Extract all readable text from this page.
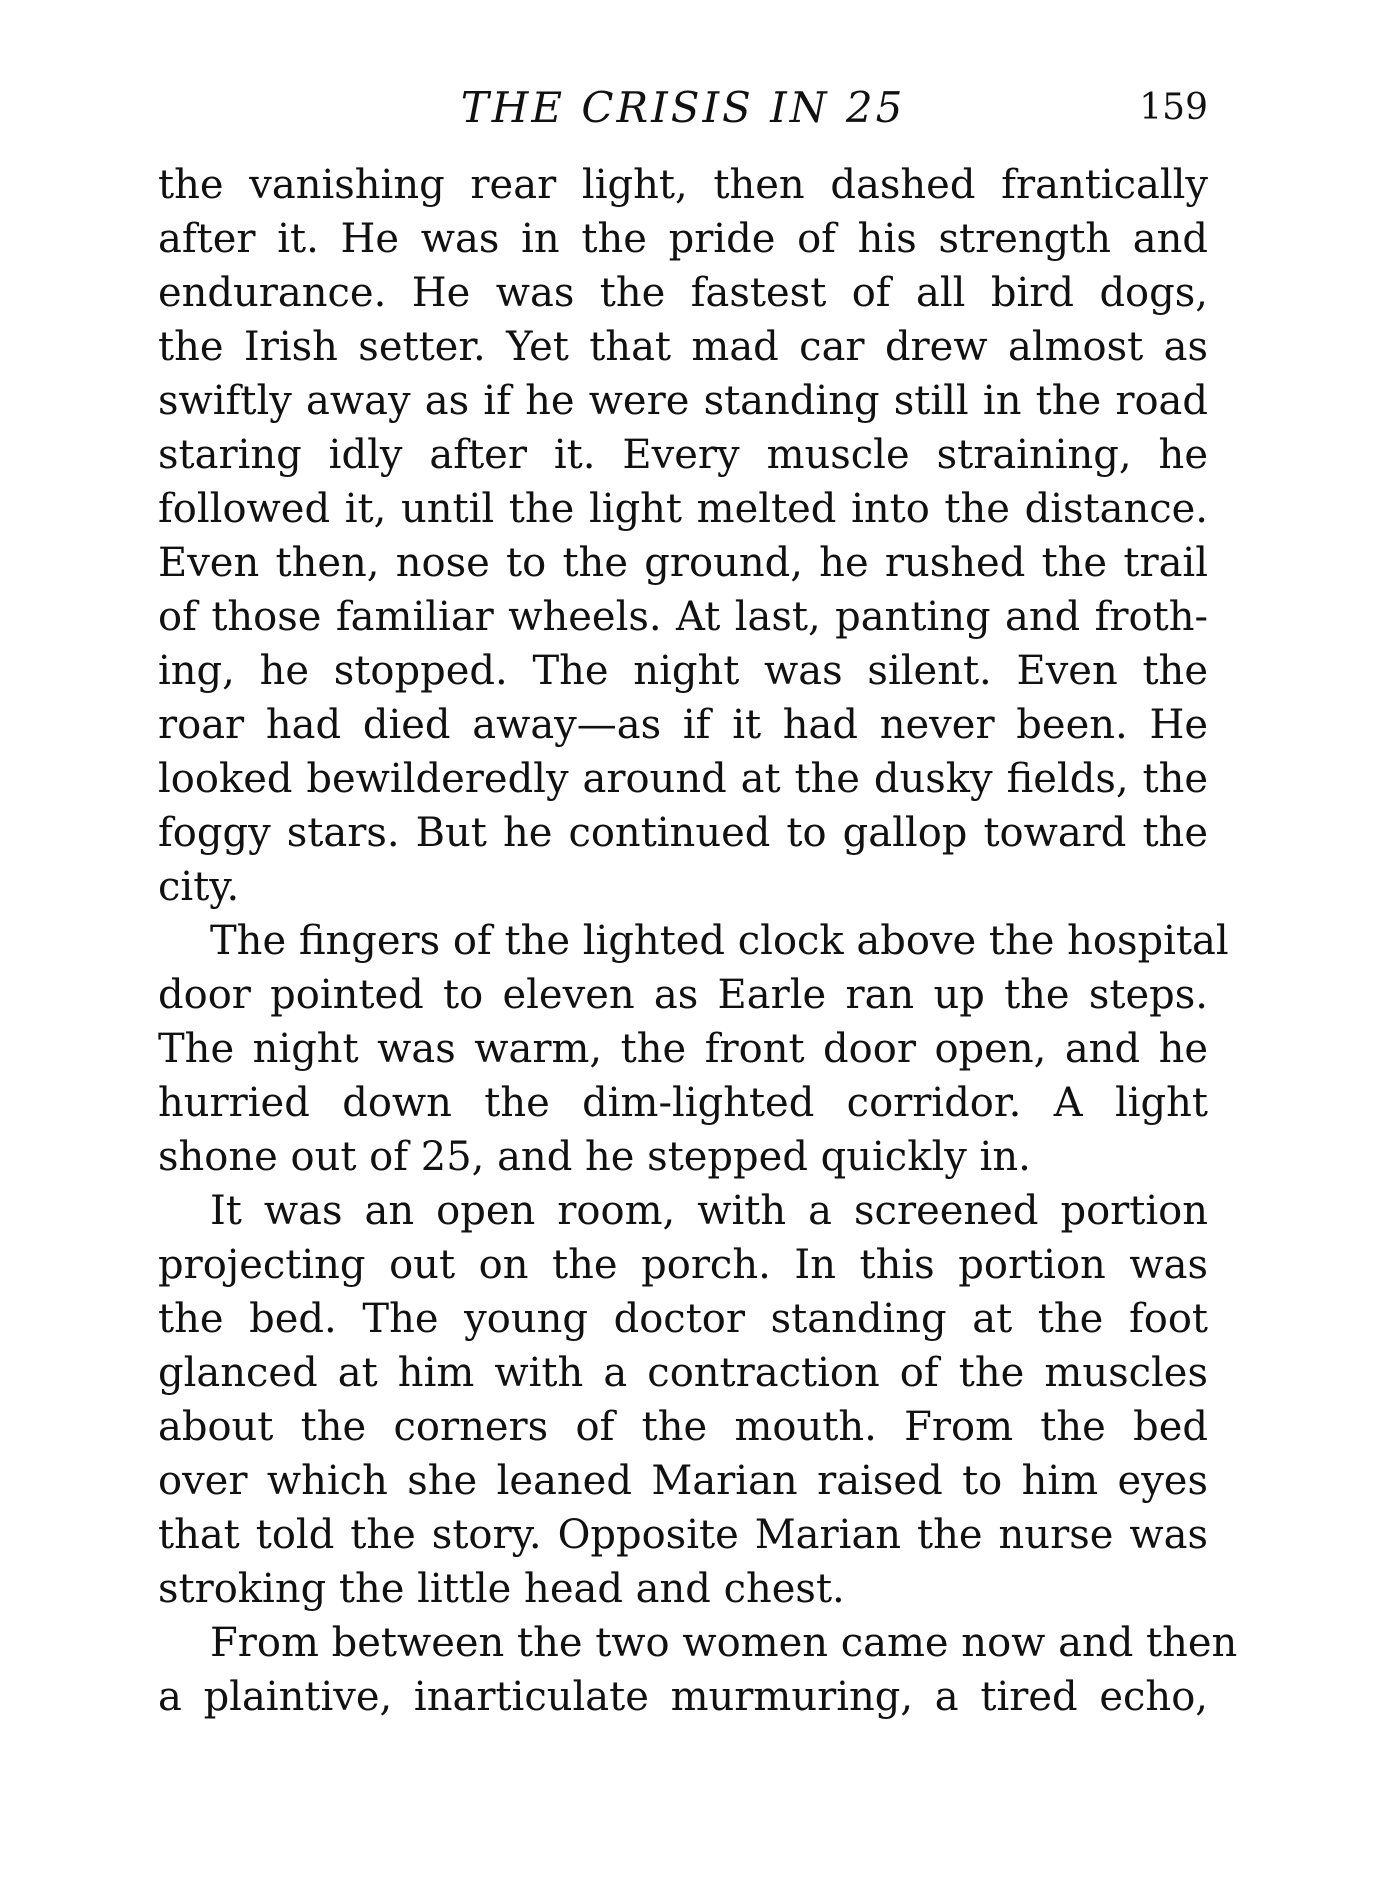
THE CRISIS IN 25	159
the vanishing rear light, then dashed frantically
after it. He was in the pride of his strength and
endurance. He was the fastest of all bird dogs,
the Irish setter. Yet that mad car drew almost as
swiftly away as if he were standing still in the road
staring idly after it. Every muscle straining, he
followed it, until the light melted into the distance.
Even then, nose to the ground, he rushed the trail
of those familiar wheels. At last, panting and froth-
ing, he stopped. The night was silent. Even the
roar had died away—as if it had never been. He
looked bewilderedly around at the dusky fields, the
foggy stars. But he continued to gallop toward the
city.
The fingers of the lighted clock above the hospital
door pointed to eleven as Earle ran up the steps.
The night was warm, the front door open, and he
hurried down the dim-lighted corridor. A light
shone out of 25, and he stepped quickly in.
It was an open room, with a screened portion
projecting out on the porch. In this portion was
the bed. The young doctor standing at the foot
glanced at him with a contraction of the muscles
about the corners of the mouth. From the bed
over which she leaned Marian raised to him eyes
that told the story. Opposite Marian the nurse was
stroking the little head and chest.
From between the two women came now and then
a plaintive, inarticulate murmuring, a tired echo,
